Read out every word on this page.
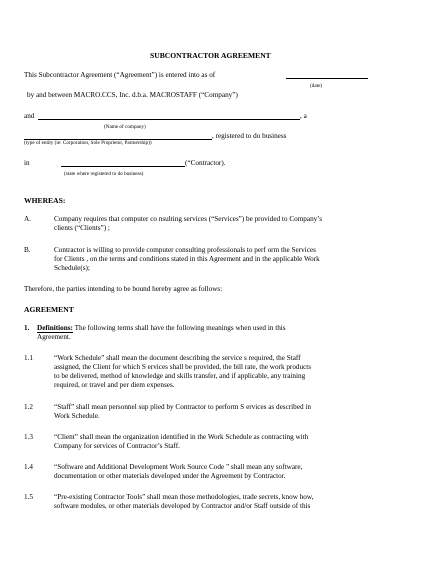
SUBCONTRACTOR AGREEMENT
This Subcontractor Agreement (“Agreement”) is entered into as of
(date)
by and between MACRO.CCS, Inc. d.b.a. MACROSTAFF (“Company”)
and	, a
(Name of company)
, registered to do business
(type of entity (ie: Corporation, Sole Proprietor, Partnership))
in	(“Contractor).
(state where registered to do business)
WHEREAS:
A.	Company requires that computer co nsulting services (“Services”) be provided to Company’s
clients (“Clients”) ;
B.	Contractor is willing to provide computer consulting professionals to perf orm the Services
for Clients , on the terms and conditions stated in this Agreement and in the applicable Work
Schedule(s);
Therefore, the parties intending to be bound hereby agree as follows:
AGREEMENT
1. Definitions: The following terms shall have the following meanings when used in this
Agreement.
1.1	“Work Schedule” shall mean the document describing the service s required, the Staff
assigned, the Client for which S ervices shall be provided, the bill rate, the work products
to be delivered, method of knowledge and skills transfer, and if applicable, any training
required, or travel and per diem expenses.
1.2	“Staff” shall mean personnel sup plied by Contractor to perform S ervices as described in
Work Schedule.
1.3	“Client” shall mean the organization identified in the Work Schedule as contracting with
Company for services of Contractor’s Staff.
1.4	“Software and Additional Development Work Source Code ” shall mean any software,
documentation or other materials developed under the Agreement by Contractor.
1.5	“Pre-existing Contractor Tools” shall mean those methodologies, trade secrets, know how,
software modules, or other materials developed by Contractor and/or Staff outside of this
